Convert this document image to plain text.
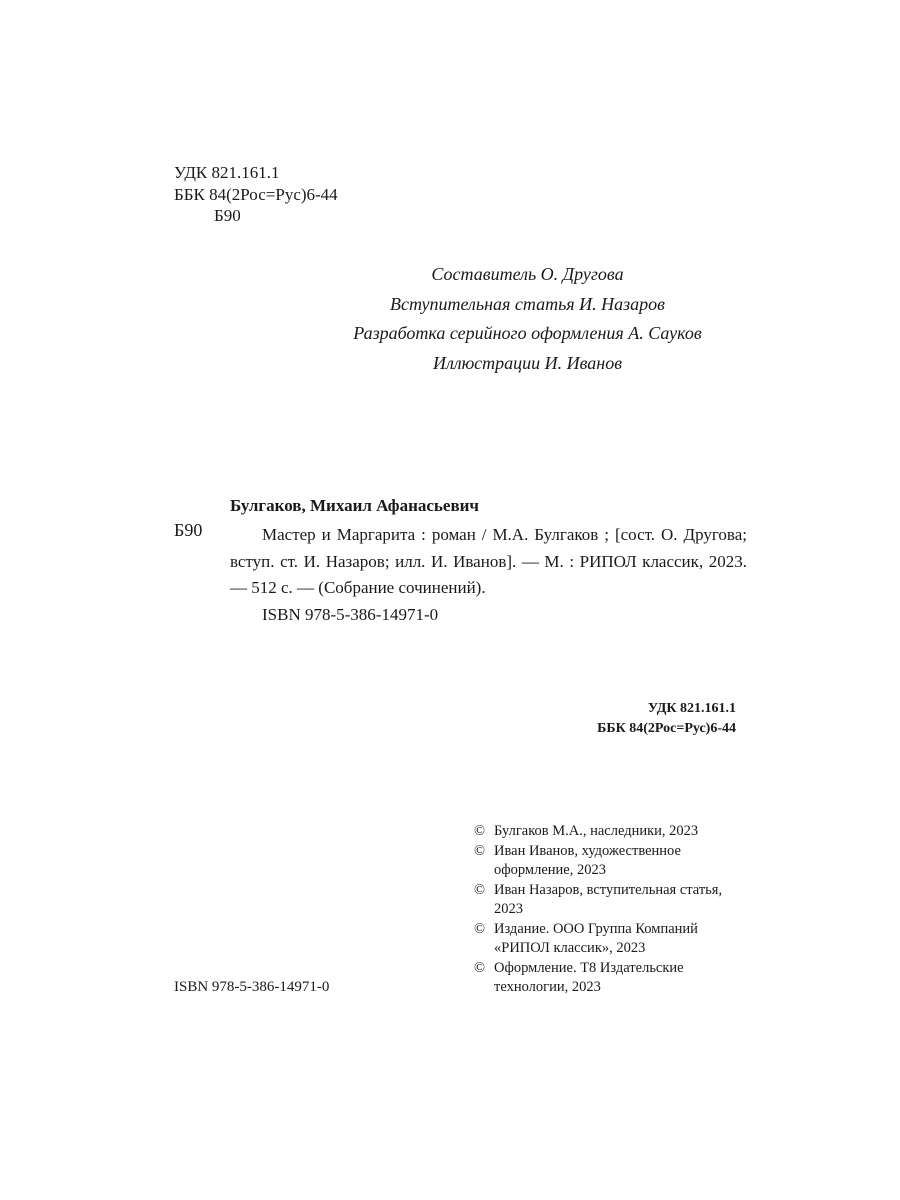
УДК 821.161.1
ББК 84(2Рос=Рус)6-44
Б90
Составитель О. Другова
Вступительная статья И. Назаров
Разработка серийного оформления А. Сауков
Иллюстрации И. Иванов
Булгаков, Михаил Афанасьевич
Б90	Мастер и Маргарита : роман / М.А. Булгаков ; [сост. О. Другова; вступ. ст. И. Назаров; илл. И. Иванов]. — М. : РИПОЛ классик, 2023. — 512 с. — (Собрание сочинений).
ISBN 978-5-386-14971-0
УДК 821.161.1
ББК 84(2Рос=Рус)6-44
© Булгаков М.А., наследники, 2023
© Иван Иванов, художественное оформление, 2023
© Иван Назаров, вступительная статья, 2023
© Издание. ООО Группа Компаний «РИПОЛ классик», 2023
© Оформление. Т8 Издательские технологии, 2023
ISBN 978-5-386-14971-0
